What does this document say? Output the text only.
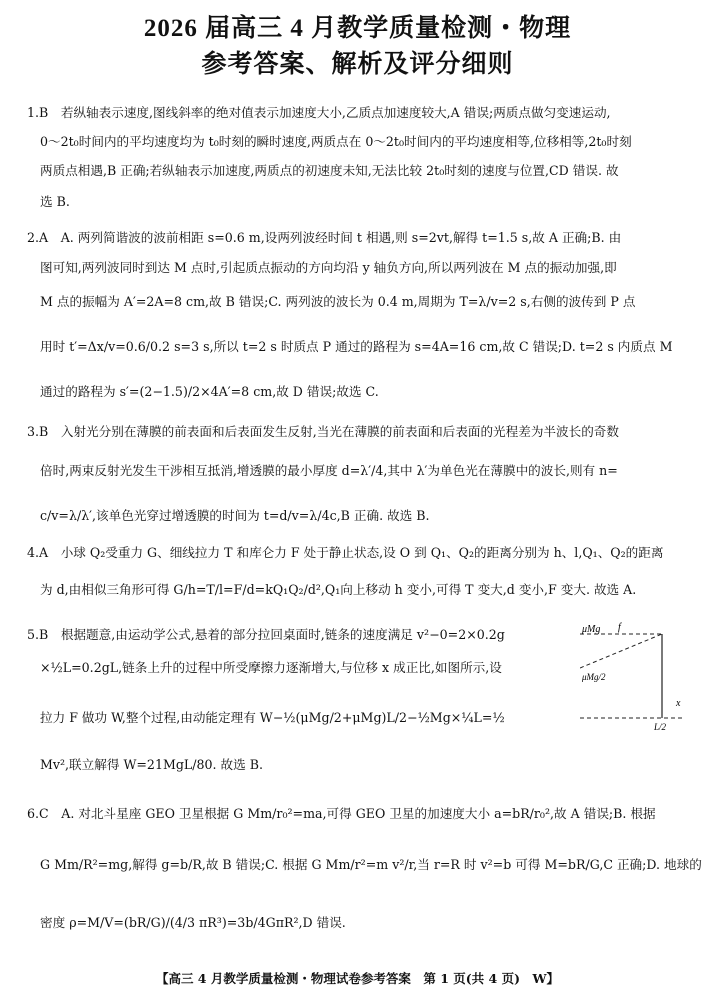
2026 届高三 4 月教学质量检测・物理
参考答案、解析及评分细则
1.B　若纵轴表示速度,图线斜率的绝对值表示加速度大小,乙质点加速度较大,A 错误;两质点做匀变速运动,
0～2t₀时间内的平均速度均为 t₀时刻的瞬时速度,两质点在 0～2t₀时间内的平均速度相等,位移相等,2t₀时刻
两质点相遇,B 正确;若纵轴表示加速度,两质点的初速度未知,无法比较 2t₀时刻的速度与位置,CD 错误. 故
选 B.
2.A　A. 两列简谐波的波前相距 s=0.6 m,设两列波经时间 t 相遇,则 s=2vt,解得 t=1.5 s,故 A 正确;B. 由
图可知,两列波同时到达 M 点时,引起质点振动的方向均沿 y 轴负方向,所以两列波在 M 点的振动加强,即
M 点的振幅为 A′=2A=8 cm,故 B 错误;C. 两列波的波长为 0.4 m,周期为 T=λ/v=2 s,右侧的波传到 P 点
用时 t′=Δx/v=0.6/0.2 s=3 s,所以 t=2 s 时质点 P 通过的路程为 s=4A=16 cm,故 C 错误;D. t=2 s 内质点 M
通过的路程为 s′=(2−1.5)/2×4A′=8 cm,故 D 错误;故选 C.
3.B　入射光分别在薄膜的前表面和后表面发生反射,当光在薄膜的前表面和后表面的光程差为半波长的奇数
倍时,两束反射光发生干涉相互抵消,增透膜的最小厚度 d=λ′/4,其中 λ′为单色光在薄膜中的波长,则有 n=
c/v=λ/λ′,该单色光穿过增透膜的时间为 t=d/v=λ/4c,B 正确. 故选 B.
4.A　小球 Q₂受重力 G、细线拉力 T 和库仑力 F 处于静止状态,设 O 到 Q₁、Q₂的距离分别为 h、l,Q₁、Q₂的距离
为 d,由相似三角形可得 G/h=T/l=F/d=kQ₁Q₂/d²,Q₁向上移动 h 变小,可得 T 变大,d 变小,F 变大. 故选 A.
5.B　根据题意,由运动学公式,悬着的部分拉回桌面时,链条的速度满足 v²−0=2×0.2g
×½L=0.2gL,链条上升的过程中所受摩擦力逐渐增大,与位移 x 成正比,如图所示,设
拉力 F 做功 W,整个过程,由动能定理有 W−½(μMg/2+μMg)L/2−½Mg×¼L=½
Mv²,联立解得 W=21MgL/80. 故选 B.
6.C　A. 对北斗星座 GEO 卫星根据 G Mm/r₀²=ma,可得 GEO 卫星的加速度大小 a=bR/r₀²,故 A 错误;B. 根据
G Mm/R²=mg,解得 g=b/R,故 B 错误;C. 根据 G Mm/r²=m v²/r,当 r=R 时 v²=b 可得 M=bR/G,C 正确;D. 地球的
密度 ρ=M/V=(bR/G)/(4/3 πR³)=3b/4GπR²,D 错误.
μMg
μMg/2
f
x
L/2
【高三 4 月教学质量检测・物理试卷参考答案　第 1 页(共 4 页)　W】
